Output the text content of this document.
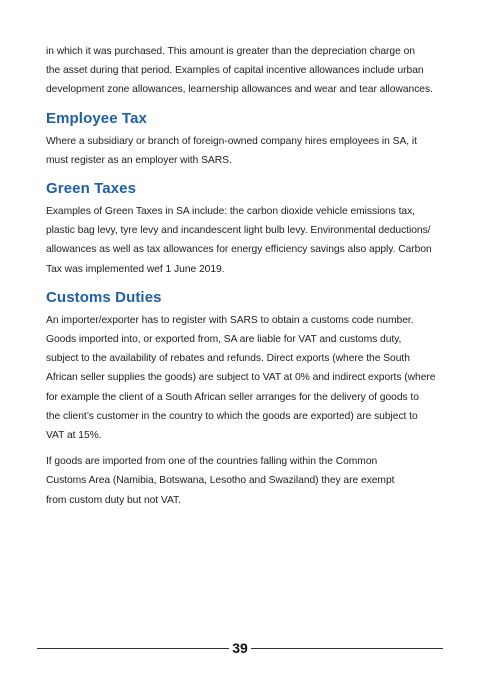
in which it was purchased. This amount is greater than the depreciation charge on
the asset during that period. Examples of capital incentive allowances include urban
development zone allowances, learnership allowances and wear and tear allowances.

Employee Tax

Where a subsidiary or branch of foreign-owned company hires employees in SA, it
must register as an employer with SARS.

Green Taxes

Examples of Green Taxes in SA include: the carbon dioxide vehicle emissions tax,
plastic bag levy, tyre levy and incandescent light bulb levy. Environmental deductions/
allowances as well as tax allowances for energy efficiency savings also apply. Carbon
Tax was implemented wef 1 June 2019.

Customs Duties

An importer/exporter has to register with SARS to obtain a customs code number.
Goods imported into, or exported from, SA are liable for VAT and customs duty,
subject to the availability of rebates and refunds. Direct exports (where the South
African seller supplies the goods) are subject to VAT at 0% and indirect exports (where
for example the client of a South African seller arranges for the delivery of goods to
the client’s customer in the country to which the goods are exported) are subject to
VAT at 15%.

If goods are imported from one of the countries falling within the Common
Customs Area (Namibia, Botswana, Lesotho and Swaziland) they are exempt
from custom duty but not VAT.

39
